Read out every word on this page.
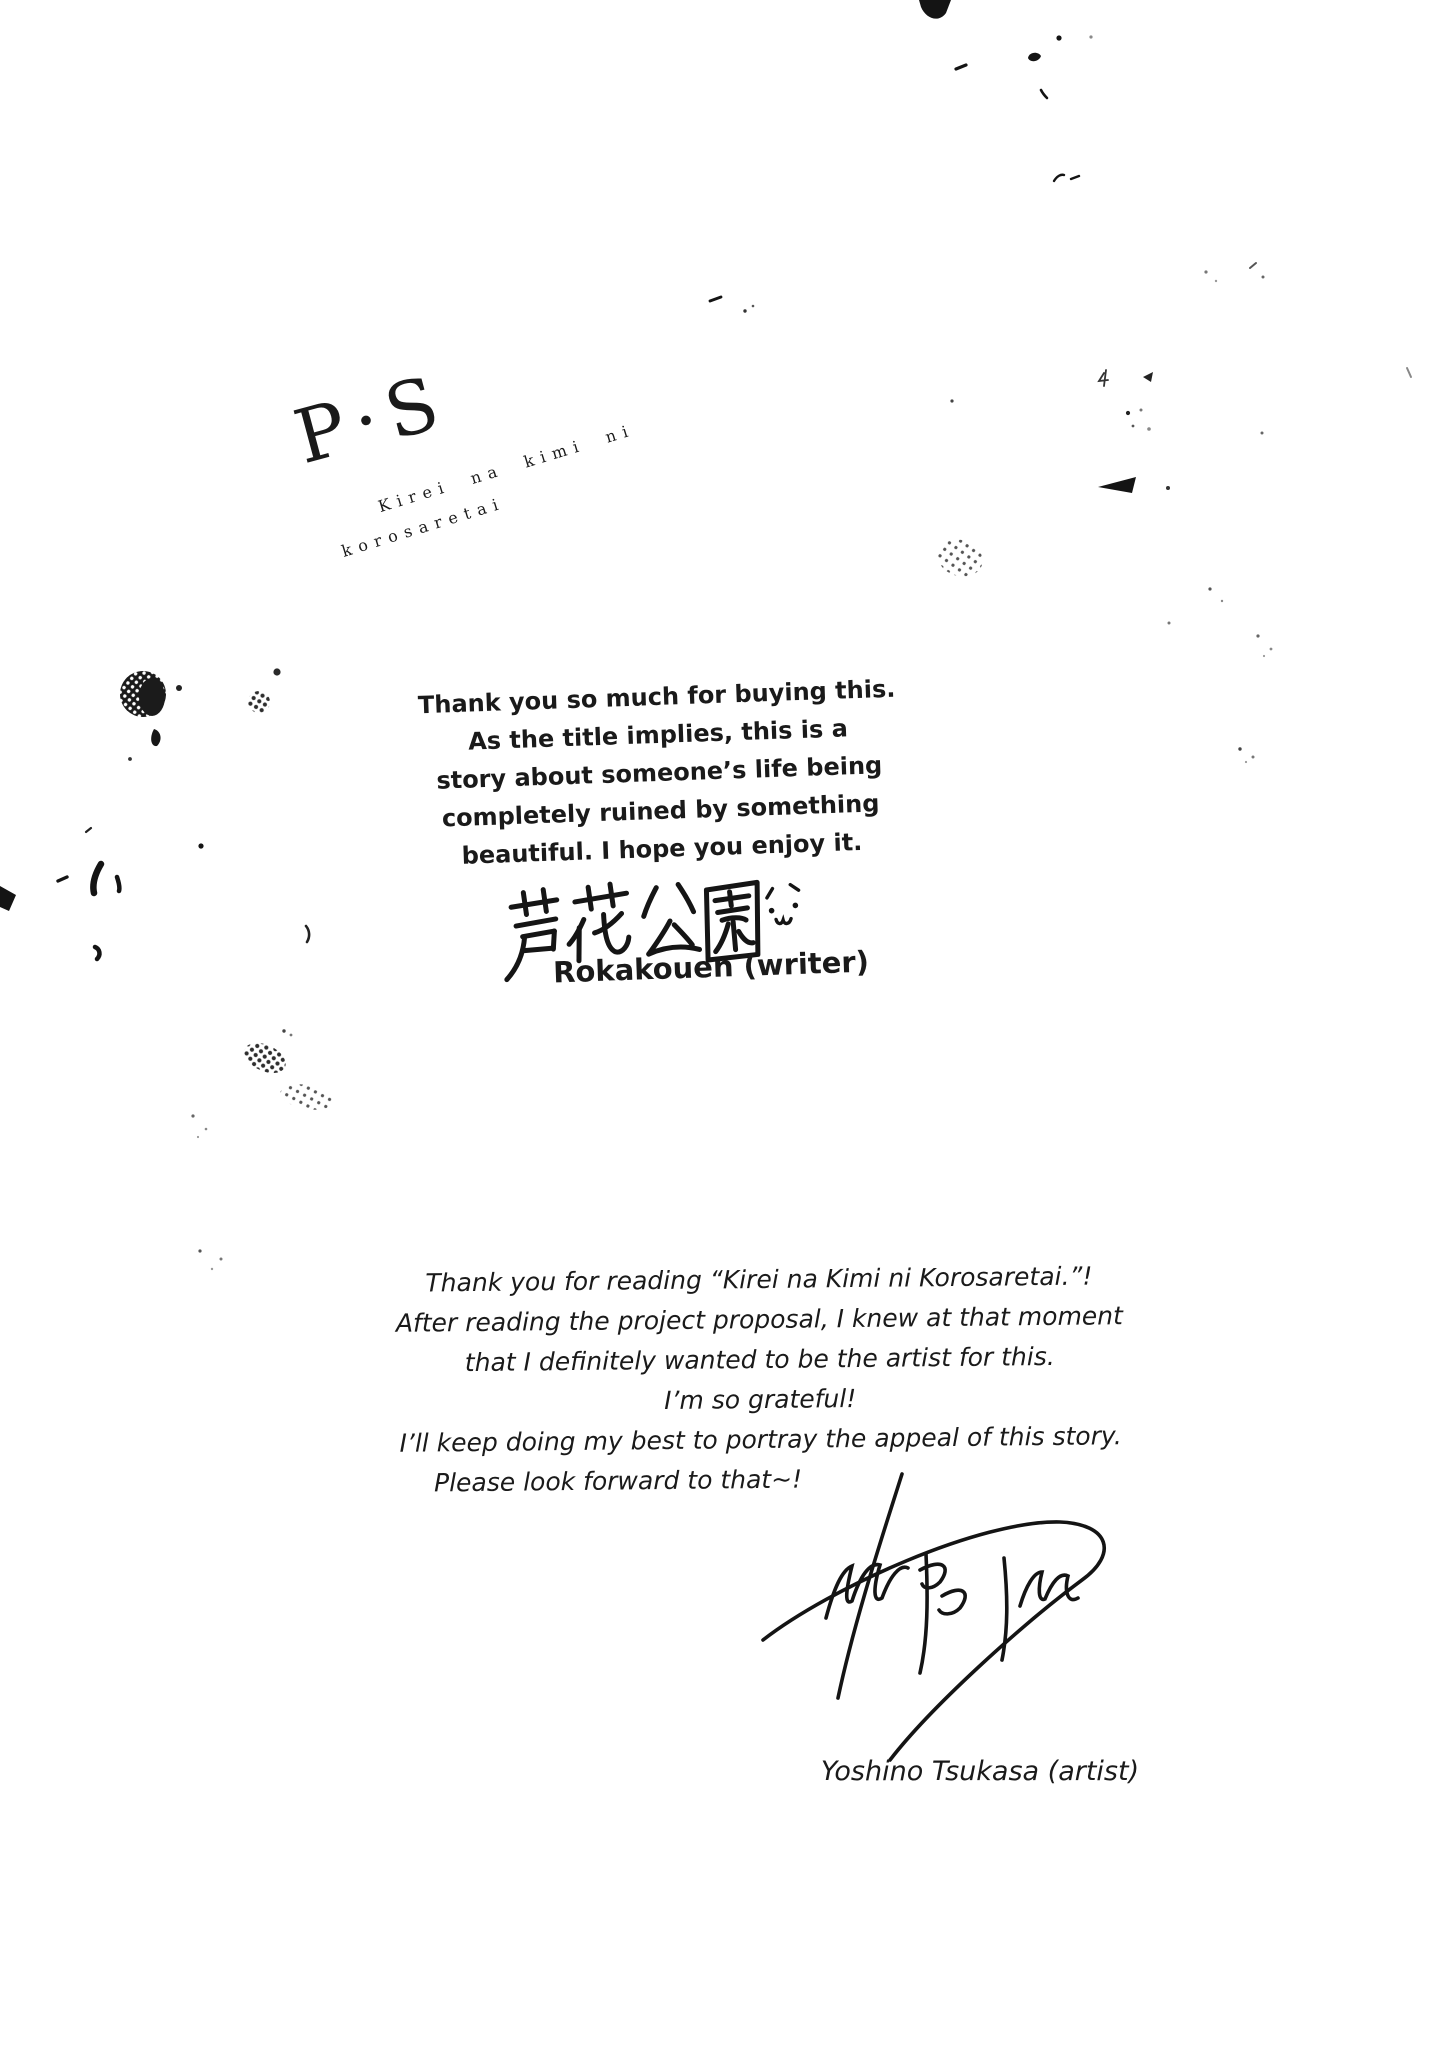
P·S
Kirei na kimi ni
korosaretai

Thank you so much for buying this.

As the title implies, this is a

story about someone’s life being

completely ruined by something

beautiful. I hope you enjoy it.

Rokakouen (writer)

Thank you for reading “Kirei na Kimi ni Korosaretai.”!

After reading the project proposal, I knew at that moment

that I definitely wanted to be the artist for this.

I’m so grateful!

I’ll keep doing my best to portray the appeal of this story.

Please look forward to that~!

Yoshino Tsukasa (artist)
